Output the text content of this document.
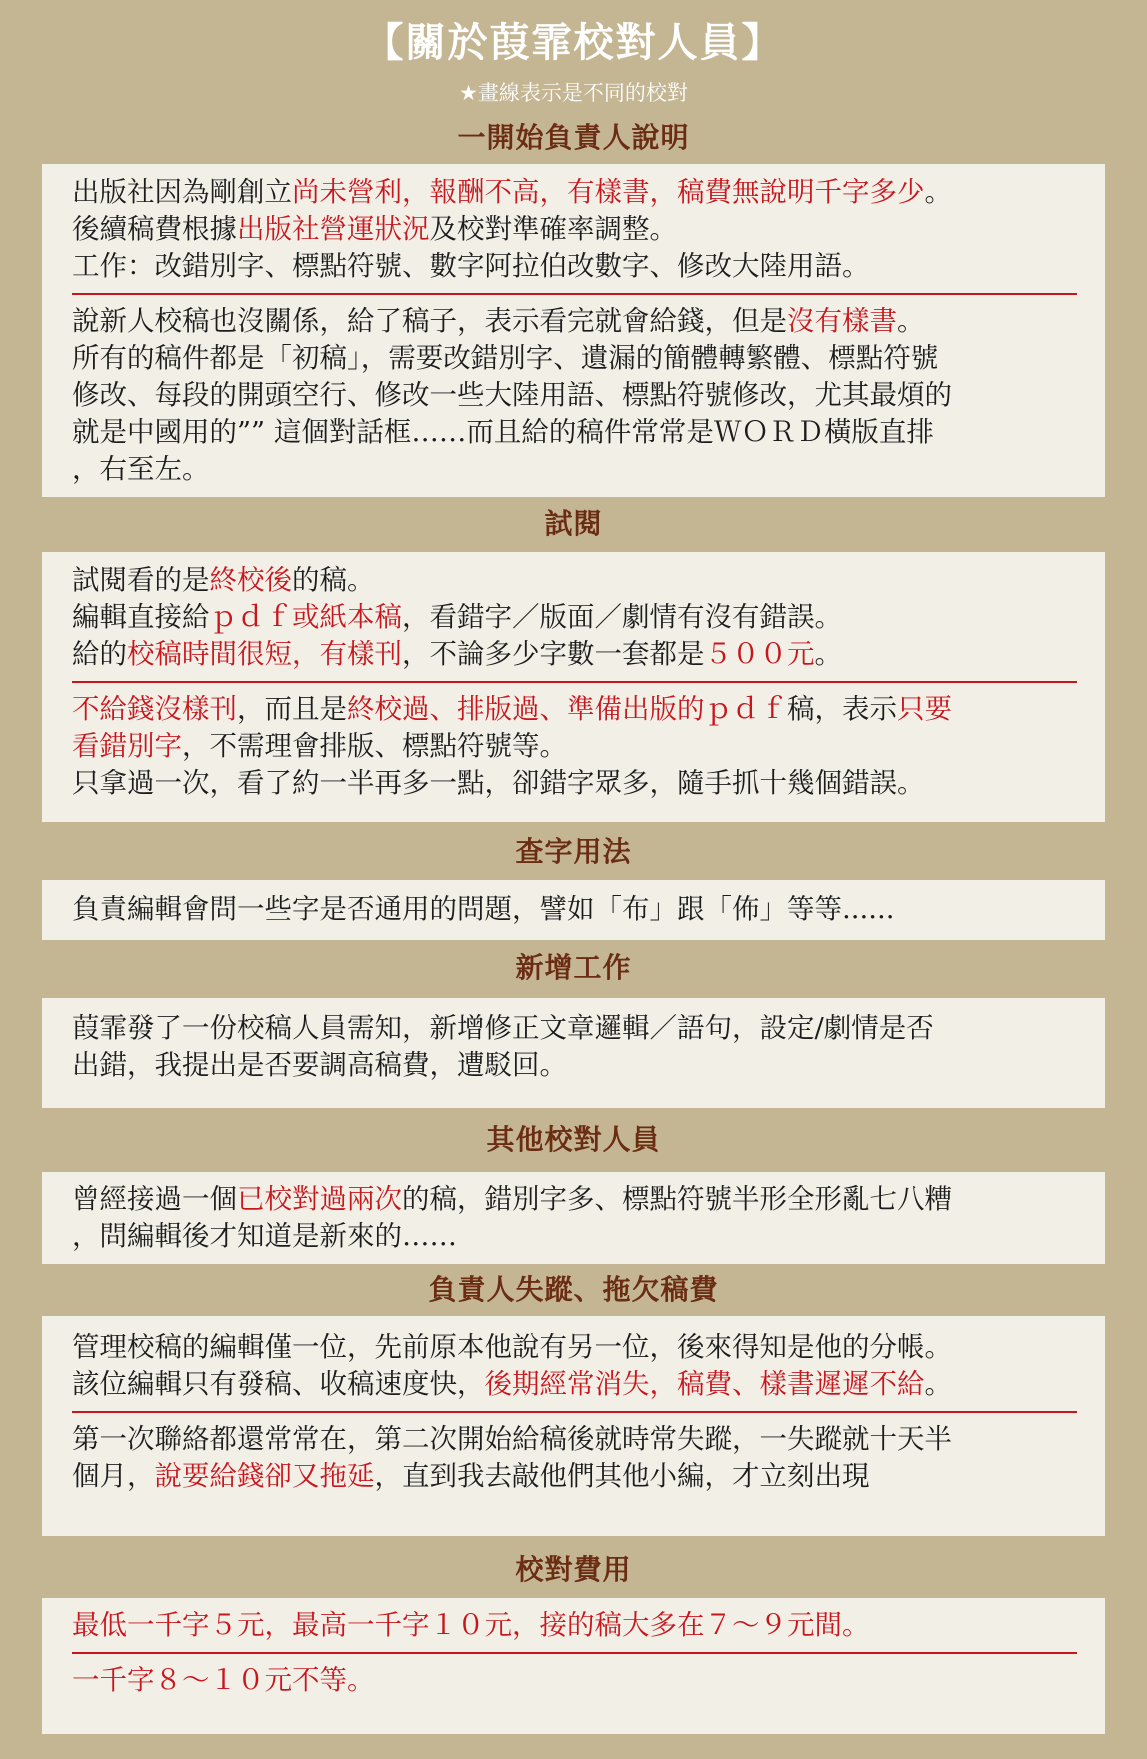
【關於葭霏校對人員】
★畫線表示是不同的校對
一開始負責人說明
出版社因為剛創立尚未營利，報酬不高，有樣書，稿費無說明千字多少。
後續稿費根據出版社營運狀況及校對準確率調整。
工作：改錯別字、標點符號、數字阿拉伯改數字、修改大陸用語。
說新人校稿也沒關係，給了稿子，表示看完就會給錢，但是沒有樣書。
所有的稿件都是「初稿」，需要改錯別字、遺漏的簡體轉繁體、標點符號
修改、每段的開頭空行、修改一些大陸用語、標點符號修改，尤其最煩的
就是中國用的”” 這個對話框……而且給的稿件常常是ＷＯＲＤ橫版直排
，右至左。
試閱
試閱看的是終校後的稿。
編輯直接給ｐｄｆ或紙本稿，看錯字／版面／劇情有沒有錯誤。
給的校稿時間很短，有樣刊，不論多少字數一套都是５００元。
不給錢沒樣刊，而且是終校過、排版過、準備出版的ｐｄｆ稿，表示只要
看錯別字，不需理會排版、標點符號等。
只拿過一次，看了約一半再多一點，卻錯字眾多，隨手抓十幾個錯誤。
查字用法
負責編輯會問一些字是否通用的問題，譬如「布」跟「佈」等等......
新增工作
葭霏發了一份校稿人員需知，新增修正文章邏輯／語句，設定/劇情是否
出錯，我提出是否要調高稿費，遭駁回。
其他校對人員
曾經接過一個已校對過兩次的稿，錯別字多、標點符號半形全形亂七八糟
，問編輯後才知道是新來的……
負責人失蹤、拖欠稿費
管理校稿的編輯僅一位，先前原本他說有另一位，後來得知是他的分帳。
該位編輯只有發稿、收稿速度快，後期經常消失，稿費、樣書遲遲不給。
第一次聯絡都還常常在，第二次開始給稿後就時常失蹤，一失蹤就十天半
個月，說要給錢卻又拖延，直到我去敲他們其他小編，才立刻出現
校對費用
最低一千字５元，最高一千字１０元，接的稿大多在７～９元間。
一千字８～１０元不等。
